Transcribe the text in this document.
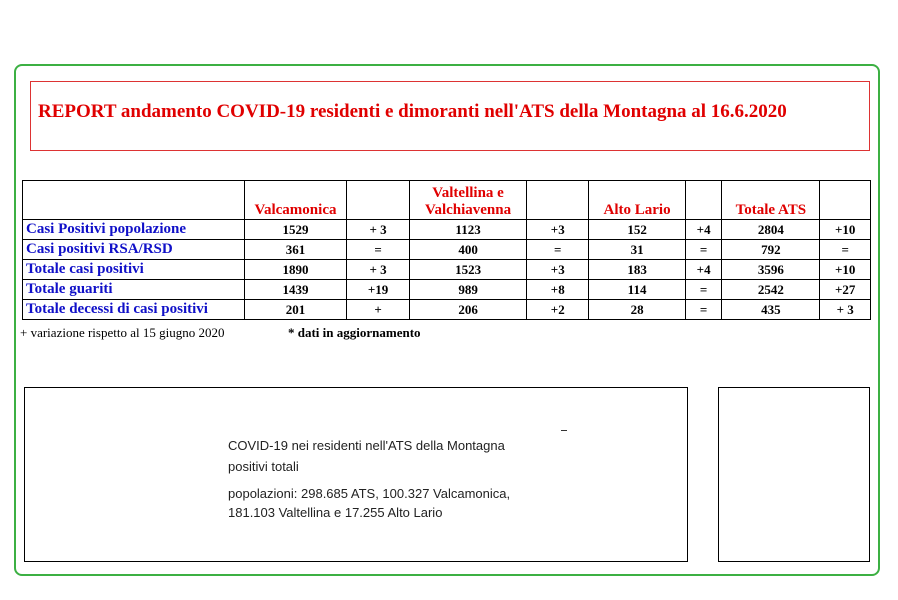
REPORT andamento COVID-19 residenti e dimoranti nell'ATS della Montagna al 16.6.2020
	Valcamonica		Valtellina e
Valchiavenna		Alto Lario		Totale ATS	
Casi Positivi popolazione	1529	+ 3	1123	+3	152	+4	2804	+10
Casi positivi RSA/RSD	361	=	400	=	31	=	792	=
Totale casi positivi	1890	+ 3	1523	+3	183	+4	3596	+10
Totale guariti	1439	+19	989	+8	114	=	2542	+27
Totale decessi di casi positivi	201	+	206	+2	28	=	435	+ 3
+ variazione rispetto al 15 giugno 2020	* dati in aggiornamento
COVID-19 nei residenti nell'ATS della Montagna
positivi totali
popolazioni: 298.685 ATS, 100.327 Valcamonica,
181.103 Valtellina e 17.255 Alto Lario
